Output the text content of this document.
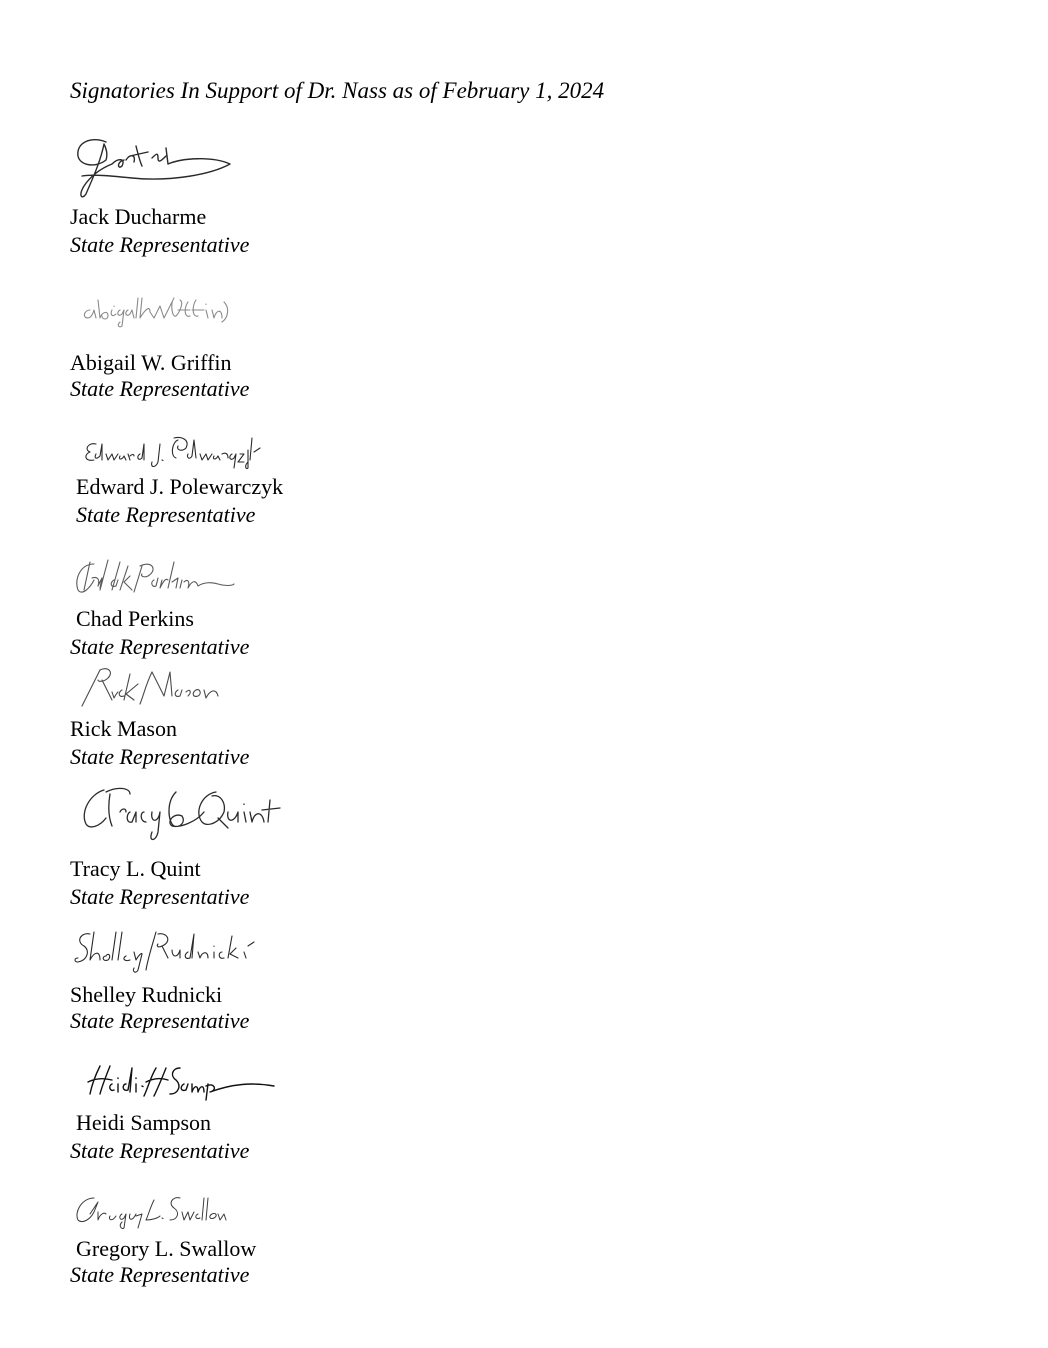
Signatories In Support of Dr. Nass as of February 1, 2024
Jack Ducharme
State Representative
Abigail W. Griffin
State Representative
Edward J. Polewarczyk
State Representative
Chad Perkins
State Representative
Rick Mason
State Representative
Tracy L. Quint
State Representative
Shelley Rudnicki
State Representative
Heidi Sampson
State Representative
Gregory L. Swallow
State Representative
